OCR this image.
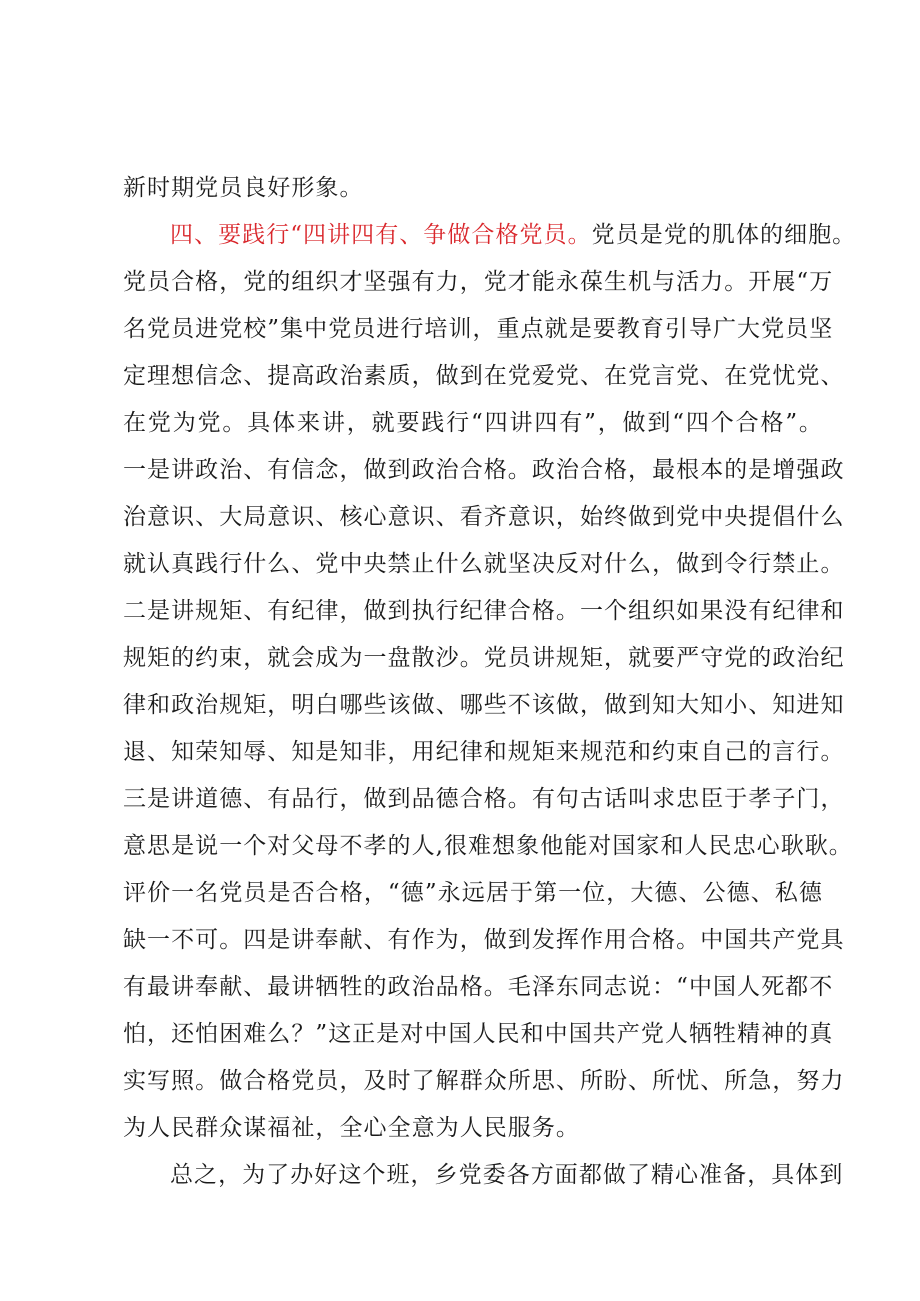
新时期党员良好形象。
四、要践行“四讲四有、争做合格党员。党员是党的肌体的细胞。
党员合格，党的组织才坚强有力，党才能永葆生机与活力。开展“万
名党员进党校”集中党员进行培训，重点就是要教育引导广大党员坚
定理想信念、提高政治素质，做到在党爱党、在党言党、在党忧党、
在党为党。具体来讲，就要践行“四讲四有”，做到“四个合格”。
一是讲政治、有信念，做到政治合格。政治合格，最根本的是增强政
治意识、大局意识、核心意识、看齐意识，始终做到党中央提倡什么
就认真践行什么、党中央禁止什么就坚决反对什么，做到令行禁止。
二是讲规矩、有纪律，做到执行纪律合格。一个组织如果没有纪律和
规矩的约束，就会成为一盘散沙。党员讲规矩，就要严守党的政治纪
律和政治规矩，明白哪些该做、哪些不该做，做到知大知小、知进知
退、知荣知辱、知是知非，用纪律和规矩来规范和约束自己的言行。
三是讲道德、有品行，做到品德合格。有句古话叫求忠臣于孝子门，
意思是说一个对父母不孝的人,很难想象他能对国家和人民忠心耿耿。
评价一名党员是否合格，“德”永远居于第一位，大德、公德、私德
缺一不可。四是讲奉献、有作为，做到发挥作用合格。中国共产党具
有最讲奉献、最讲牺牲的政治品格。毛泽东同志说：“中国人死都不
怕，还怕困难么？”这正是对中国人民和中国共产党人牺牲精神的真
实写照。做合格党员，及时了解群众所思、所盼、所忧、所急，努力
为人民群众谋福祉，全心全意为人民服务。
总之，为了办好这个班，乡党委各方面都做了精心准备，具体到
